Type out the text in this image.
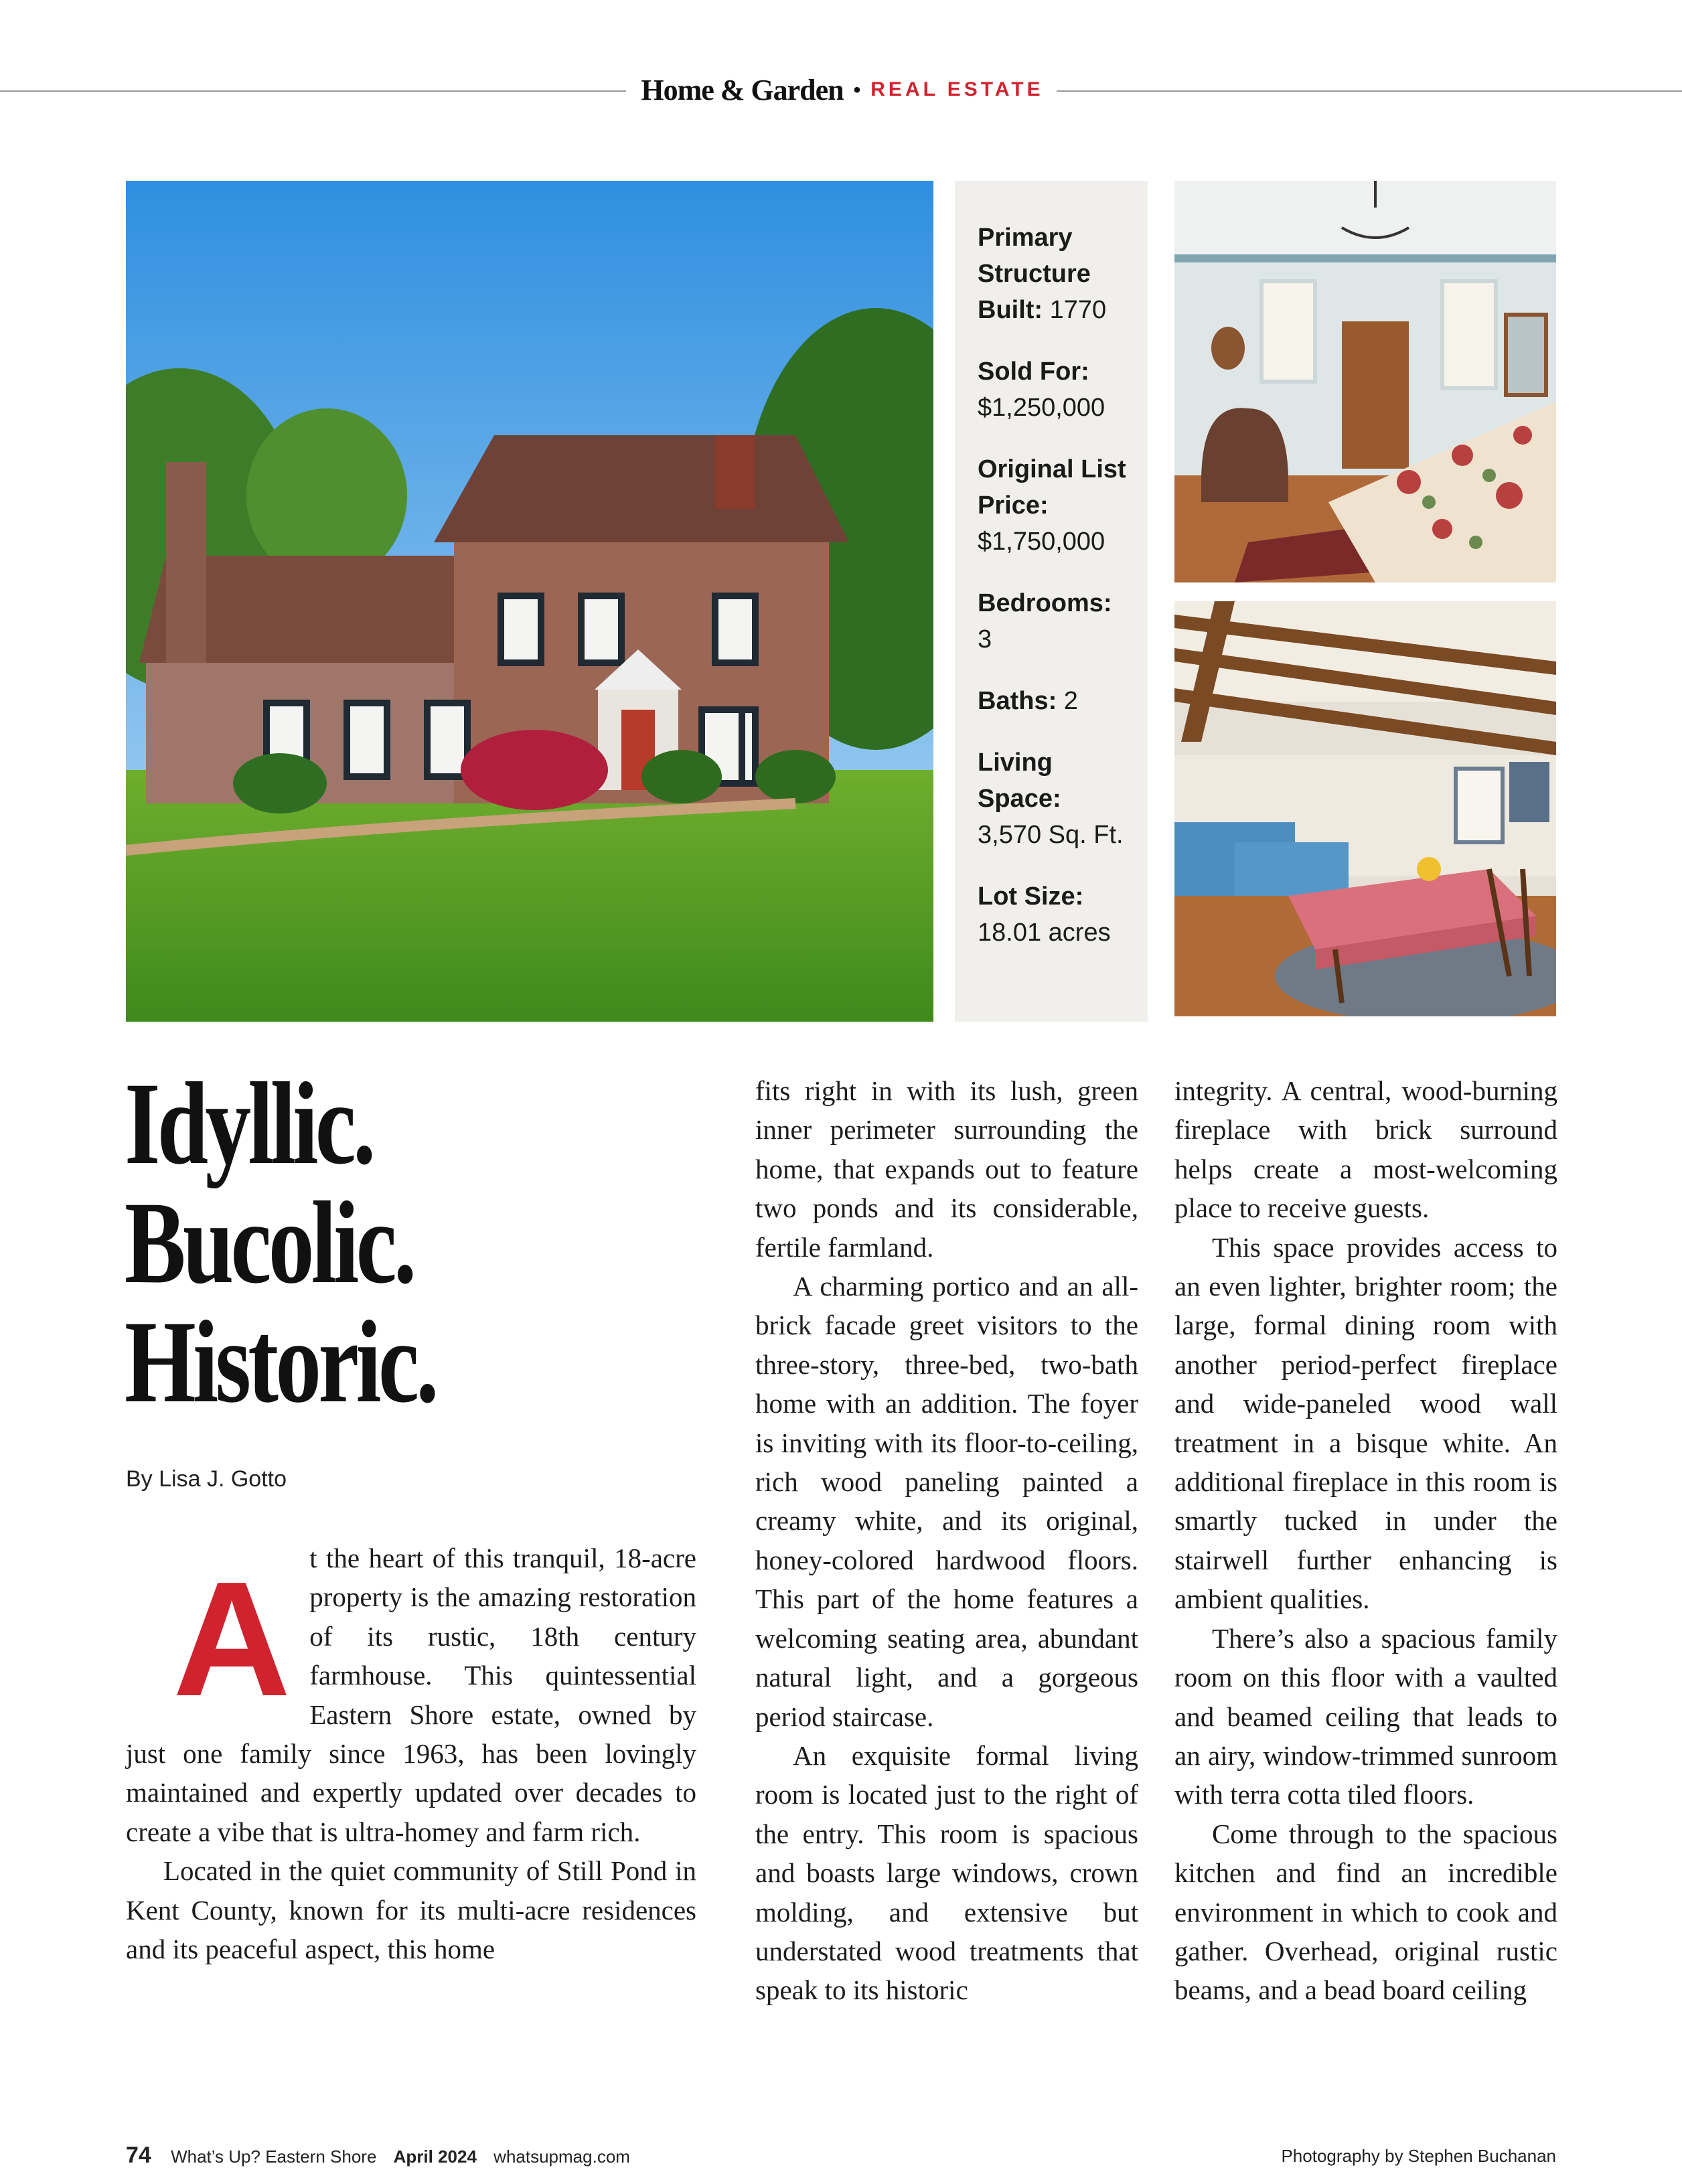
Home & Garden • REAL ESTATE
Primary Structure Built: 1770
Sold For: $1,250,000
Original List Price: $1,750,000
Bedrooms: 3
Baths: 2
Living Space: 3,570 Sq. Ft.
Lot Size: 18.01 acres
Idyllic.
Bucolic.
Historic.
By Lisa J. Gotto
A t the heart of this tranquil, 18-acre property is the amazing restoration of its rustic, 18th century farmhouse. This quintessential Eastern Shore estate, owned by just one family since 1963, has been lovingly maintained and expertly updated over decades to create a vibe that is ultra-homey and farm rich.

Located in the quiet community of Still Pond in Kent County, known for its multi-acre residences and its peaceful aspect, this home

fits right in with its lush, green inner perimeter surrounding the home, that expands out to feature two ponds and its considerable, fertile farmland.

A charming portico and an all-brick facade greet visitors to the three-story, three-bed, two-bath home with an addition. The foyer is inviting with its floor-to-ceiling, rich wood paneling painted a creamy white, and its original, honey-colored hardwood floors. This part of the home features a welcoming seating area, abundant natural light, and a gorgeous period staircase.

An exquisite formal living room is located just to the right of the entry. This room is spacious and boasts large windows, crown molding, and extensive but understated wood treatments that speak to its historic

integrity. A central, wood-burning fireplace with brick surround helps create a most-welcoming place to receive guests.

This space provides access to an even lighter, brighter room; the large, formal dining room with another period-perfect fireplace and wide-paneled wood wall treatment in a bisque white. An additional fireplace in this room is smartly tucked in under the stairwell further enhancing is ambient qualities.

There’s also a spacious family room on this floor with a vaulted and beamed ceiling that leads to an airy, window-trimmed sunroom with terra cotta tiled floors.

Come through to the spacious kitchen and find an incredible environment in which to cook and gather. Overhead, original rustic beams, and a bead board ceiling

74 What’s Up? Eastern Shore April 2024 whatsupmag.com	Photography by Stephen Buchanan
